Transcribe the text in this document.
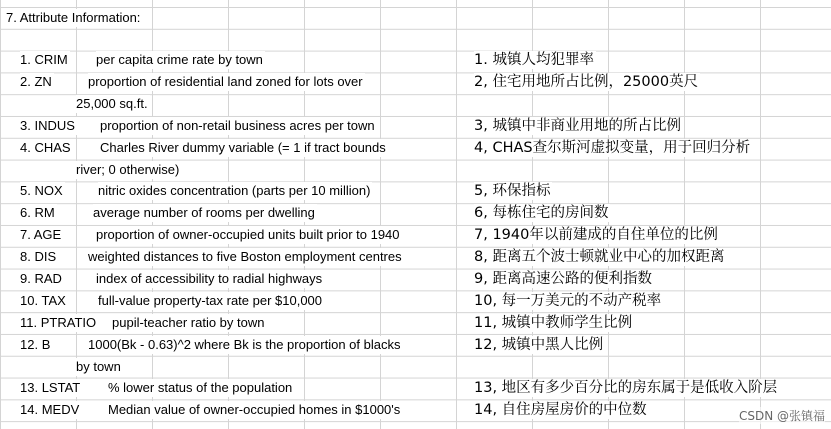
7. Attribute Information:
1. CRIM per capita crime rate by town	1. 城镇人均犯罪率
2. ZN	proportion of residential land zoned for lots over
25,000 sq.ft.
2, 住宅用地所占比例，25000英尺
3. INDUS proportion of non-retail business acres per town	3, 城镇中非商业用地的所占比例
4. CHAS Charles River dummy variable (= 1 if tract bounds
river; 0 otherwise)
4, CHAS查尔斯河虚拟变量，用于回归分析
5. NOX	nitric oxides concentration (parts per 10 million)	5, 环保指标
6. RM	average number of rooms per dwelling	6, 每栋住宅的房间数
7. AGE	proportion of owner-occupied units built prior to 1940	7, 1940年以前建成的自住单位的比例
8. DIS weighted distances to five Boston employment centres	8, 距离五个波士顿就业中心的加权距离
9. RAD	index of accessibility to radial highways	9, 距离高速公路的便利指数
10. TAX full-value property-tax rate per $10,000	10, 每一万美元的不动产税率
11. PTRATIO pupil-teacher ratio by town	11, 城镇中教师学生比例
12. B	1000(Bk - 0.63)^2 where Bk is the proportion of blacks
by town
12, 城镇中黑人比例
13. LSTAT % lower status of the population	13, 地区有多少百分比的房东属于是低收入阶层
14. MEDV Median value of owner-occupied homes in $1000's	14, 自住房屋房价的中位数	CSDN @张镇福
